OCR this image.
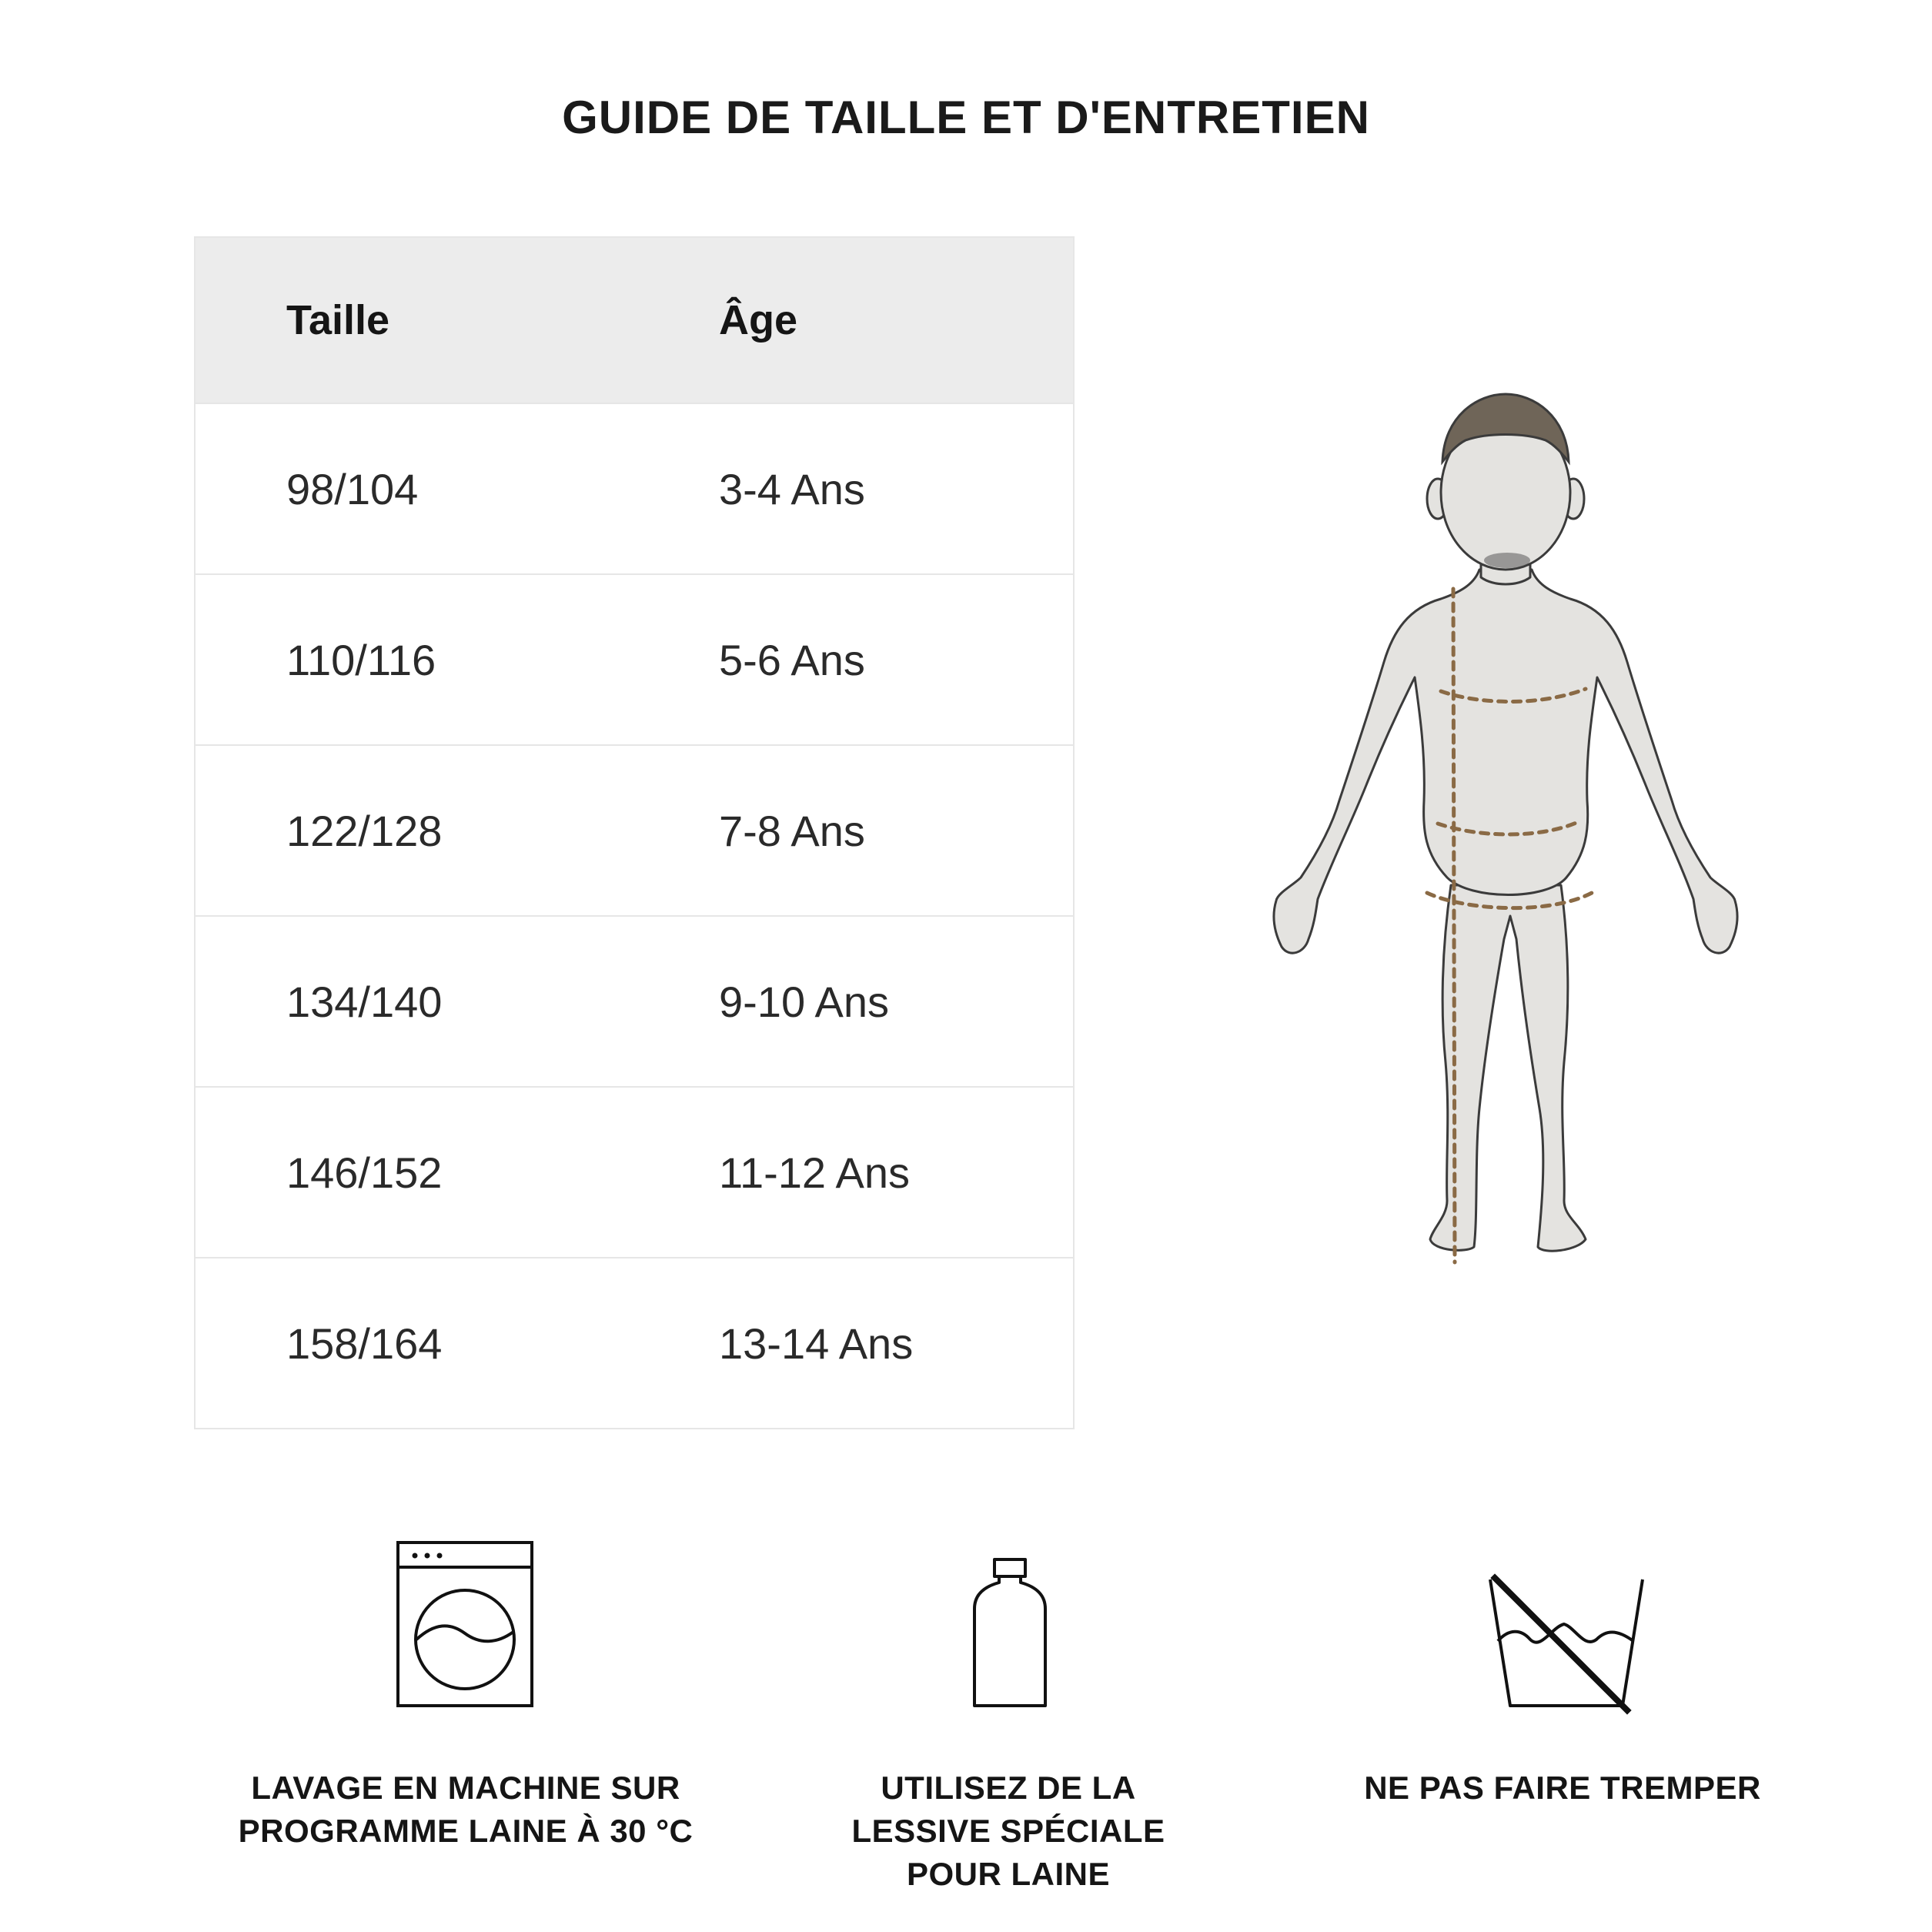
GUIDE DE TAILLE ET D'ENTRETIEN
Taille	Âge
98/104	3-4 Ans
110/116	5-6 Ans
122/128	7-8 Ans
134/140	9-10 Ans
146/152	11-12 Ans
158/164	13-14 Ans
LAVAGE EN MACHINE SUR
PROGRAMME LAINE À 30 °C
UTILISEZ DE LA
LESSIVE SPÉCIALE
POUR LAINE
NE PAS FAIRE TREMPER
